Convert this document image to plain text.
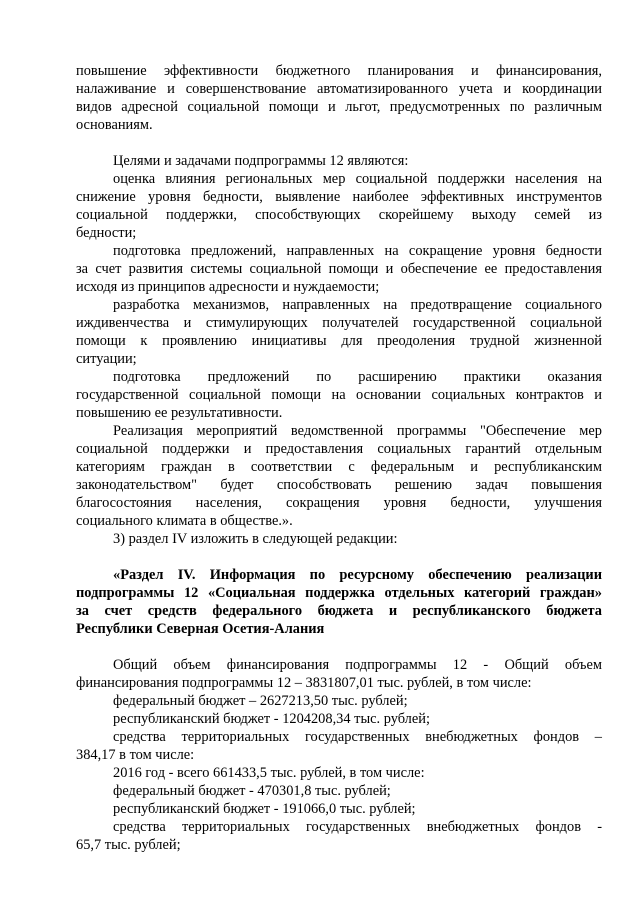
повышение эффективности бюджетного планирования и финансирования,
налаживание и совершенствование автоматизированного учета и координации
видов адресной социальной помощи и льгот, предусмотренных по различным
основаниям.
Целями и задачами подпрограммы 12 являются:
оценка влияния региональных мер социальной поддержки населения на
снижение уровня бедности, выявление наиболее эффективных инструментов
социальной поддержки, способствующих скорейшему выходу семей из
бедности;
подготовка предложений, направленных на сокращение уровня бедности
за счет развития системы социальной помощи и обеспечение ее предоставления
исходя из принципов адресности и нуждаемости;
разработка механизмов, направленных на предотвращение социального
иждивенчества и стимулирующих получателей государственной социальной
помощи к проявлению инициативы для преодоления трудной жизненной
ситуации;
подготовка предложений по расширению практики оказания
государственной социальной помощи на основании социальных контрактов и
повышению ее результативности.
Реализация мероприятий ведомственной программы "Обеспечение мер
социальной поддержки и предоставления социальных гарантий отдельным
категориям граждан в соответствии с федеральным и республиканским
законодательством" будет способствовать решению задач повышения
благосостояния населения, сокращения уровня бедности, улучшения
социального климата в обществе.».
3) раздел IV изложить в следующей редакции:
«Раздел IV. Информация по ресурсному обеспечению реализации
подпрограммы 12 «Социальная поддержка отдельных категорий граждан»
за счет средств федерального бюджета и республиканского бюджета
Республики Северная Осетия-Алания
Общий объем финансирования подпрограммы 12 - Общий объем
финансирования подпрограммы 12 – 3831807,01 тыс. рублей, в том числе:
федеральный бюджет – 2627213,50 тыс. рублей;
республиканский бюджет - 1204208,34 тыс. рублей;
средства территориальных государственных внебюджетных фондов –
384,17 в том числе:
2016 год - всего 661433,5 тыс. рублей, в том числе:
федеральный бюджет - 470301,8 тыс. рублей;
республиканский бюджет - 191066,0 тыс. рублей;
средства территориальных государственных внебюджетных фондов -
65,7 тыс. рублей;
